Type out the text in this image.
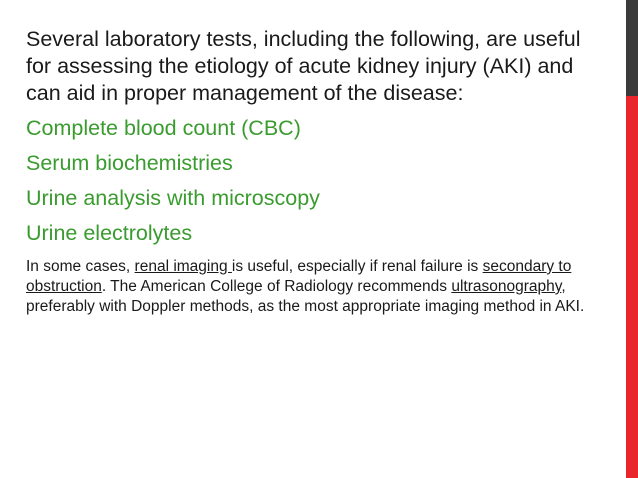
Several laboratory tests, including the following, are useful for assessing the etiology of acute kidney injury (AKI) and can aid in proper management of the disease:

Complete blood count (CBC)
Serum biochemistries
Urine analysis with microscopy
Urine electrolytes

In some cases, renal imaging is useful, especially if renal failure is secondary to obstruction. The American College of Radiology recommends ultrasonography, preferably with Doppler methods, as the most appropriate imaging method in AKI.
